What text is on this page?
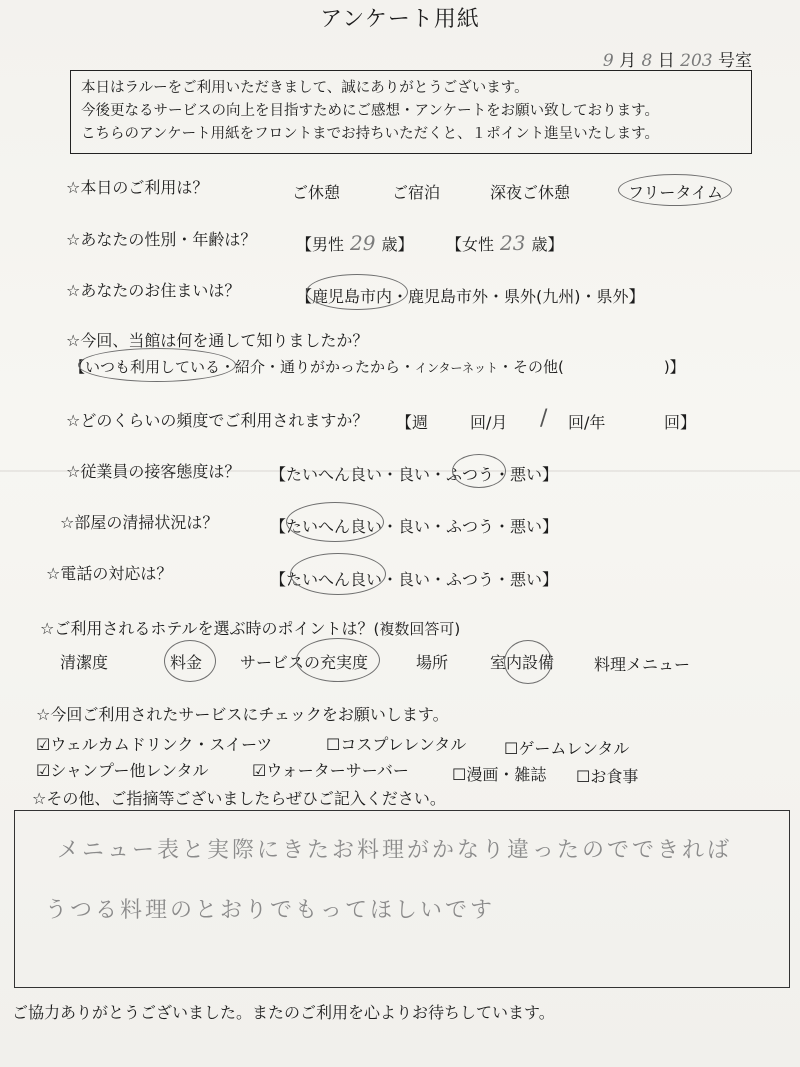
アンケート用紙
9 月 8 日 203 号室
本日はラルーをご利用いただきまして、誠にありがとうございます。
今後更なるサービスの向上を目指すためにご感想・アンケートをお願い致しております。
こちらのアンケート用紙をフロントまでお持ちいただくと、１ポイント進呈いたします。
☆本日のご利用は？	ご休憩	ご宿泊	深夜ご休憩	フリータイム
☆あなたの性別・年齢は？ 【男性 29 歳】 【女性 23 歳】
☆あなたのお住まいは？	【鹿児島市内・鹿児島市外・県外(九州)・県外】
☆今回、当館は何を通して知りましたか？
【いつも利用している・紹介・通りがかったから・インターネット・その他(	)】
☆どのくらいの頻度でご利用されますか？ 【週	回/月 / 回/年	回】
☆従業員の接客態度は？ 【たいへん良い・良い・ふつう・悪い】
☆部屋の清掃状況は？	【たいへん良い・良い・ふつう・悪い】
☆電話の対応は？	【たいへん良い・良い・ふつう・悪い】
☆ご利用されるホテルを選ぶ時のポイントは？(複数回答可)
清潔度	料金 サービスの充実度	場所	室内設備 料理メニュー
☆今回ご利用されたサービスにチェックをお願いします。
☑ウェルカムドリンク・スイーツ	☐コスプレレンタル ☐ゲームレンタル
☑シャンプー他レンタル	☑ウォーターサーバー	☐漫画・雑誌 ☐お食事
☆その他、ご指摘等ございましたらぜひご記入ください。
メニュー表と実際にきたお料理がかなり違ったのでできれば
うつる料理のとおりでもってほしいです
ご協力ありがとうございました。またのご利用を心よりお待ちしています。
